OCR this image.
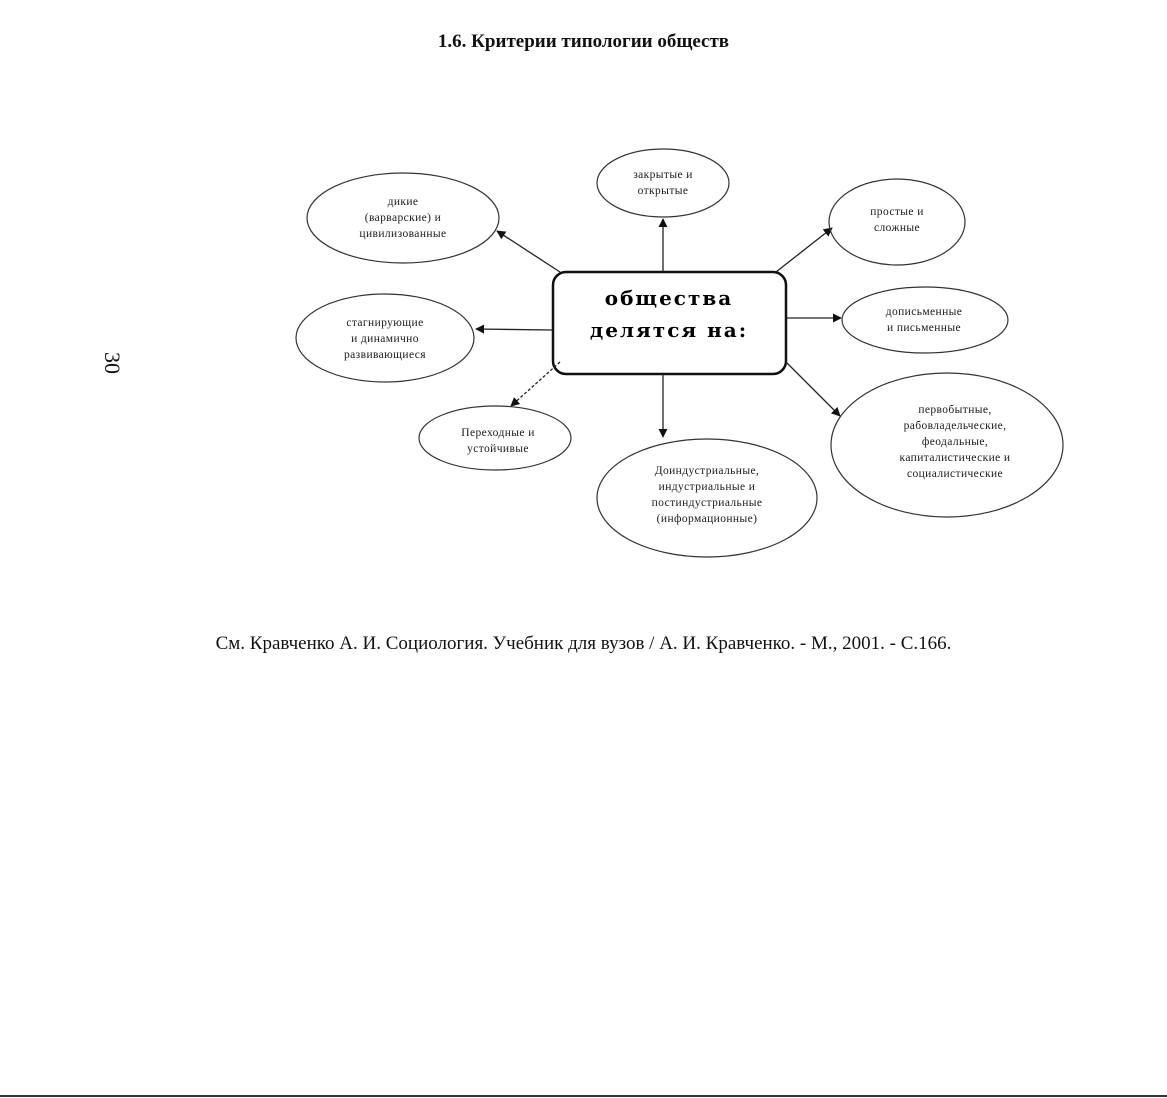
1.6. Критерии типологии обществ
30
общества
делятся на:
закрытые и
открытые
дикие
(варварские) и
цивилизованные
простые и
сложные
дописьменные
и письменные
стагнирующие
и динамично
развивающиеся
Переходные и
устойчивые
Доиндустриальные,
индустриальные и
постиндустриальные
(информационные)
первобытные,
рабовладельческие,
феодальные,
капиталистические и
социалистические

См. Кравченко А. И. Социология. Учебник для вузов / А. И. Кравченко. - М., 2001. - С.166.
